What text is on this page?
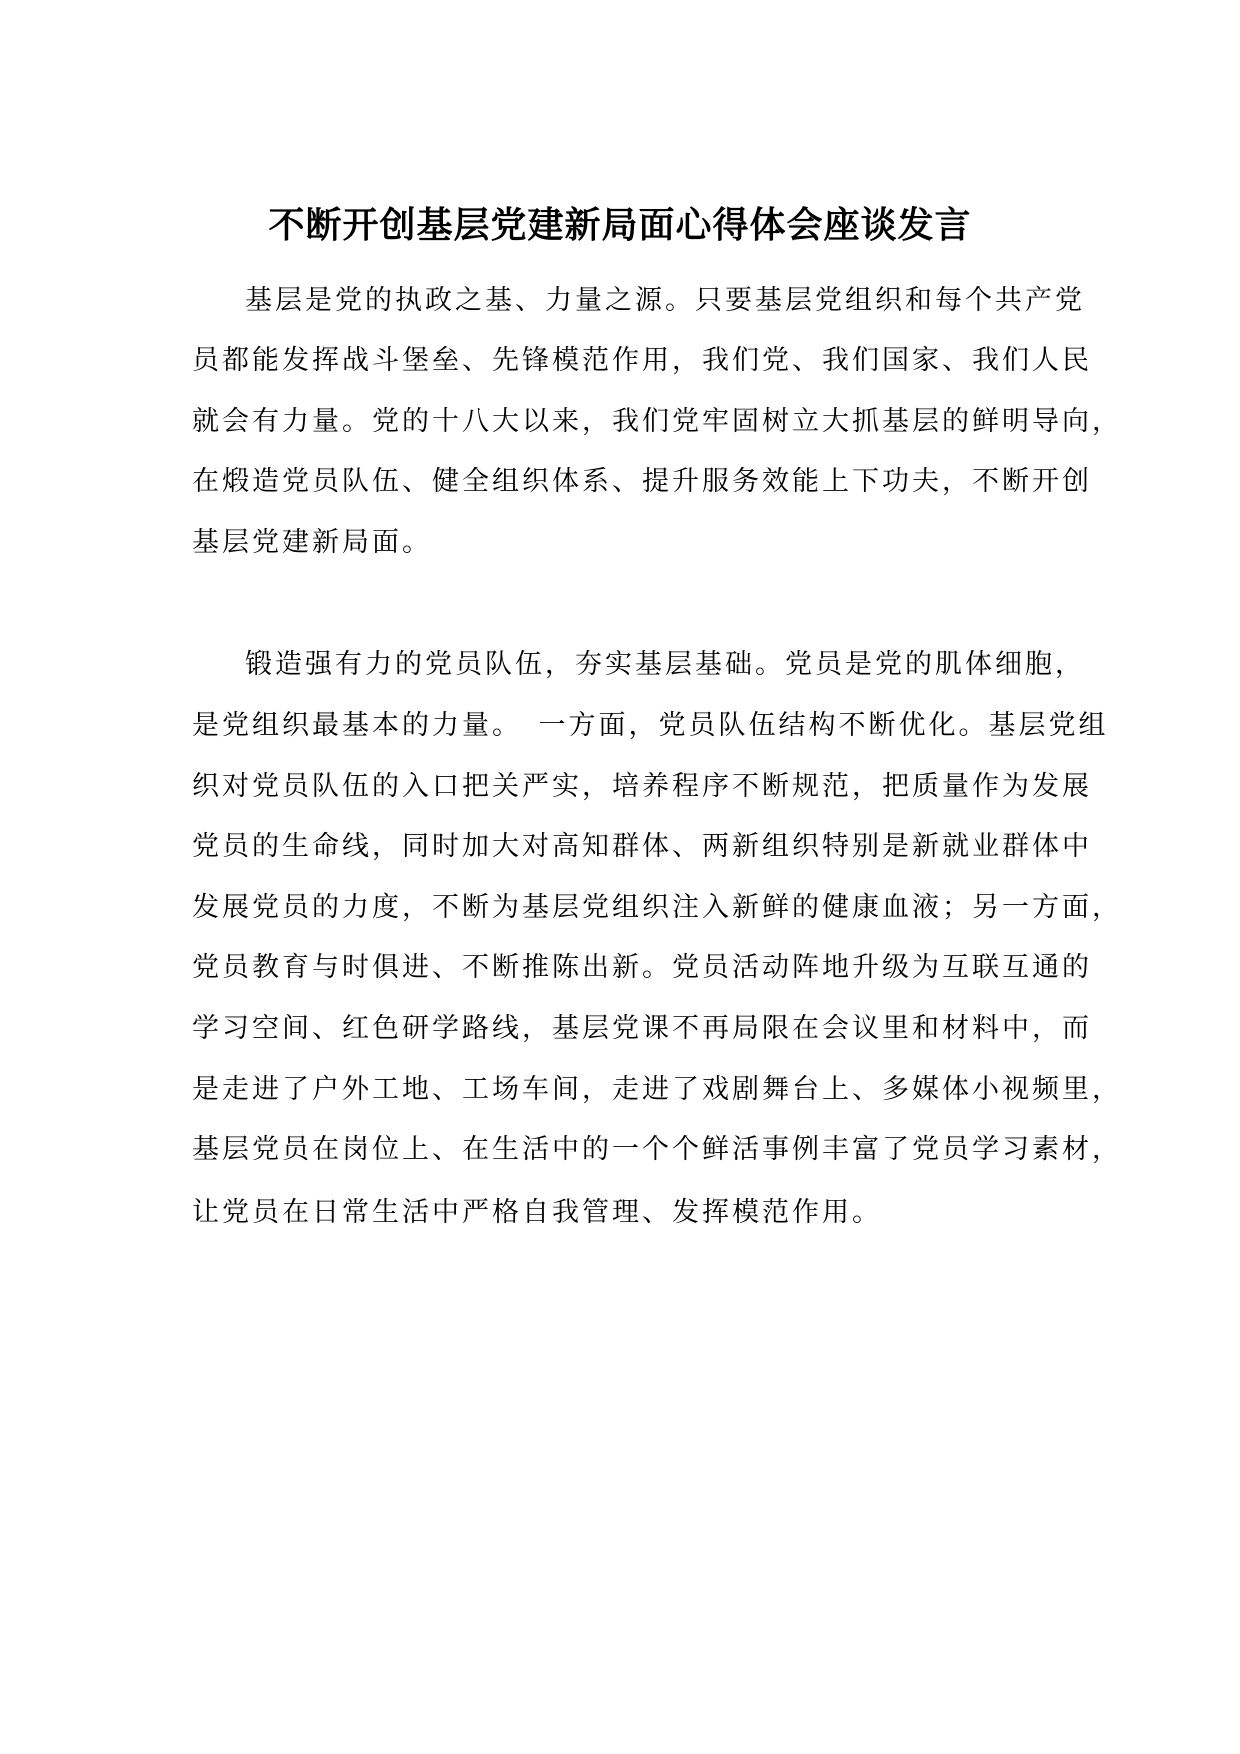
不断开创基层党建新局面心得体会座谈发言
基层是党的执政之基、力量之源。只要基层党组织和每个共产党
员都能发挥战斗堡垒、先锋模范作用，我们党、我们国家、我们人民
就会有力量。党的十八大以来，我们党牢固树立大抓基层的鲜明导向，
在煅造党员队伍、健全组织体系、提升服务效能上下功夫，不断开创
基层党建新局面。
锻造强有力的党员队伍，夯实基层基础。党员是党的肌体细胞，
是党组织最基本的力量。　一方面，党员队伍结构不断优化。基层党组
织对党员队伍的入口把关严实，培养程序不断规范，把质量作为发展
党员的生命线，同时加大对高知群体、两新组织特别是新就业群体中
发展党员的力度，不断为基层党组织注入新鲜的健康血液；另一方面，
党员教育与时俱进、不断推陈出新。党员活动阵地升级为互联互通的
学习空间、红色研学路线，基层党课不再局限在会议里和材料中，而
是走进了户外工地、工场车间，走进了戏剧舞台上、多媒体小视频里，
基层党员在岗位上、在生活中的一个个鲜活事例丰富了党员学习素材，
让党员在日常生活中严格自我管理、发挥模范作用。
